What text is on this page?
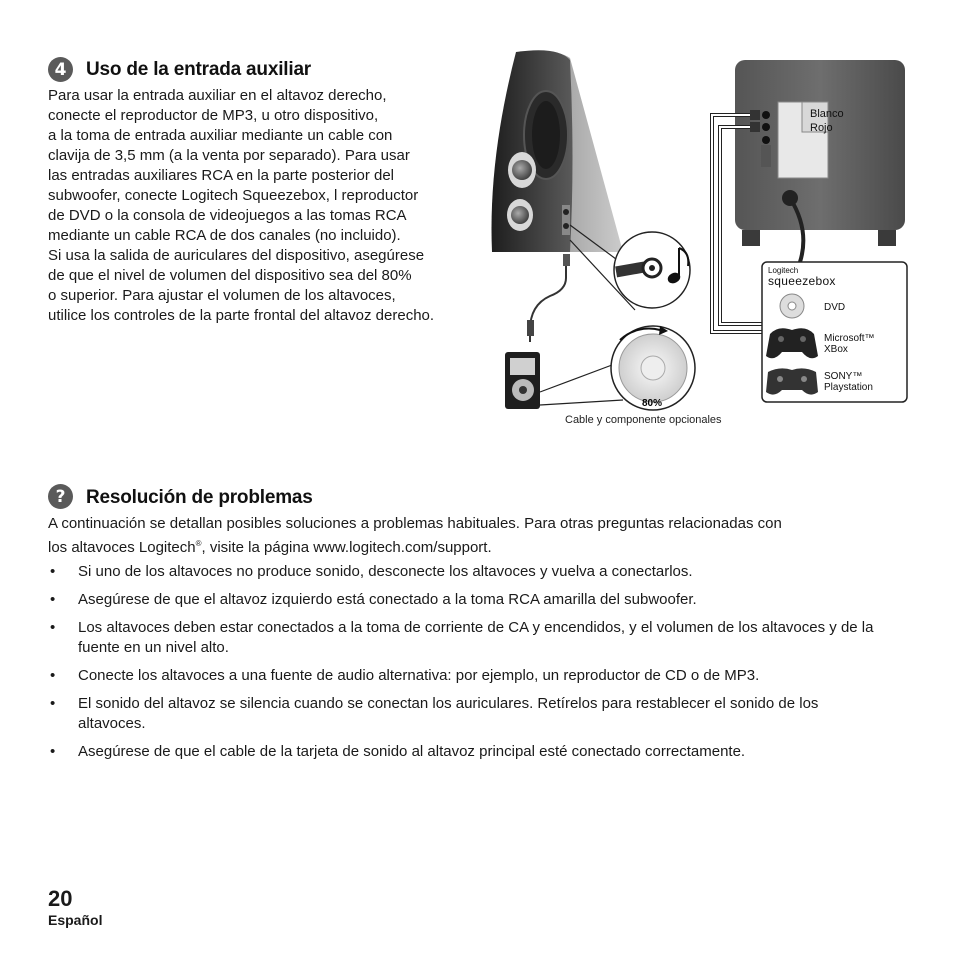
4	Uso de la entrada auxiliar
Para usar la entrada auxiliar en el altavoz derecho,
conecte el reproductor de MP3, u otro dispositivo,
a la toma de entrada auxiliar mediante un cable con
clavija de 3,5 mm (a la venta por separado). Para usar
las entradas auxiliares RCA en la parte posterior del
subwoofer, conecte Logitech Squeezebox, l reproductor
de DVD o la consola de videojuegos a las tomas RCA
mediante un cable RCA de dos canales (no incluido).
Si usa la salida de auriculares del dispositivo, asegúrese
de que el nivel de volumen del dispositivo sea del 80%
o superior. Para ajustar el volumen de los altavoces,
utilice los controles de la parte frontal del altavoz derecho.
80%
Blanco
Rojo
Logitech
squeezebox
DVD
Microsoft™
XBox
SONY™
Playstation
Cable y componente opcionales
?	Resolución de problemas
A continuación se detallan posibles soluciones a problemas habituales. Para otras preguntas relacionadas con
los altavoces Logitech®, visite la página www.logitech.com/support.
• Si uno de los altavoces no produce sonido, desconecte los altavoces y vuelva a conectarlos.
• Asegúrese de que el altavoz izquierdo está conectado a la toma RCA amarilla del subwoofer.
• Los altavoces deben estar conectados a la toma de corriente de CA y encendidos, y el volumen de los altavoces y de la fuente en un nivel alto.
• Conecte los altavoces a una fuente de audio alternativa: por ejemplo, un reproductor de CD o de MP3.
• El sonido del altavoz se silencia cuando se conectan los auriculares. Retírelos para restablecer el sonido de los altavoces.
• Asegúrese de que el cable de la tarjeta de sonido al altavoz principal esté conectado correctamente.
20
Español
